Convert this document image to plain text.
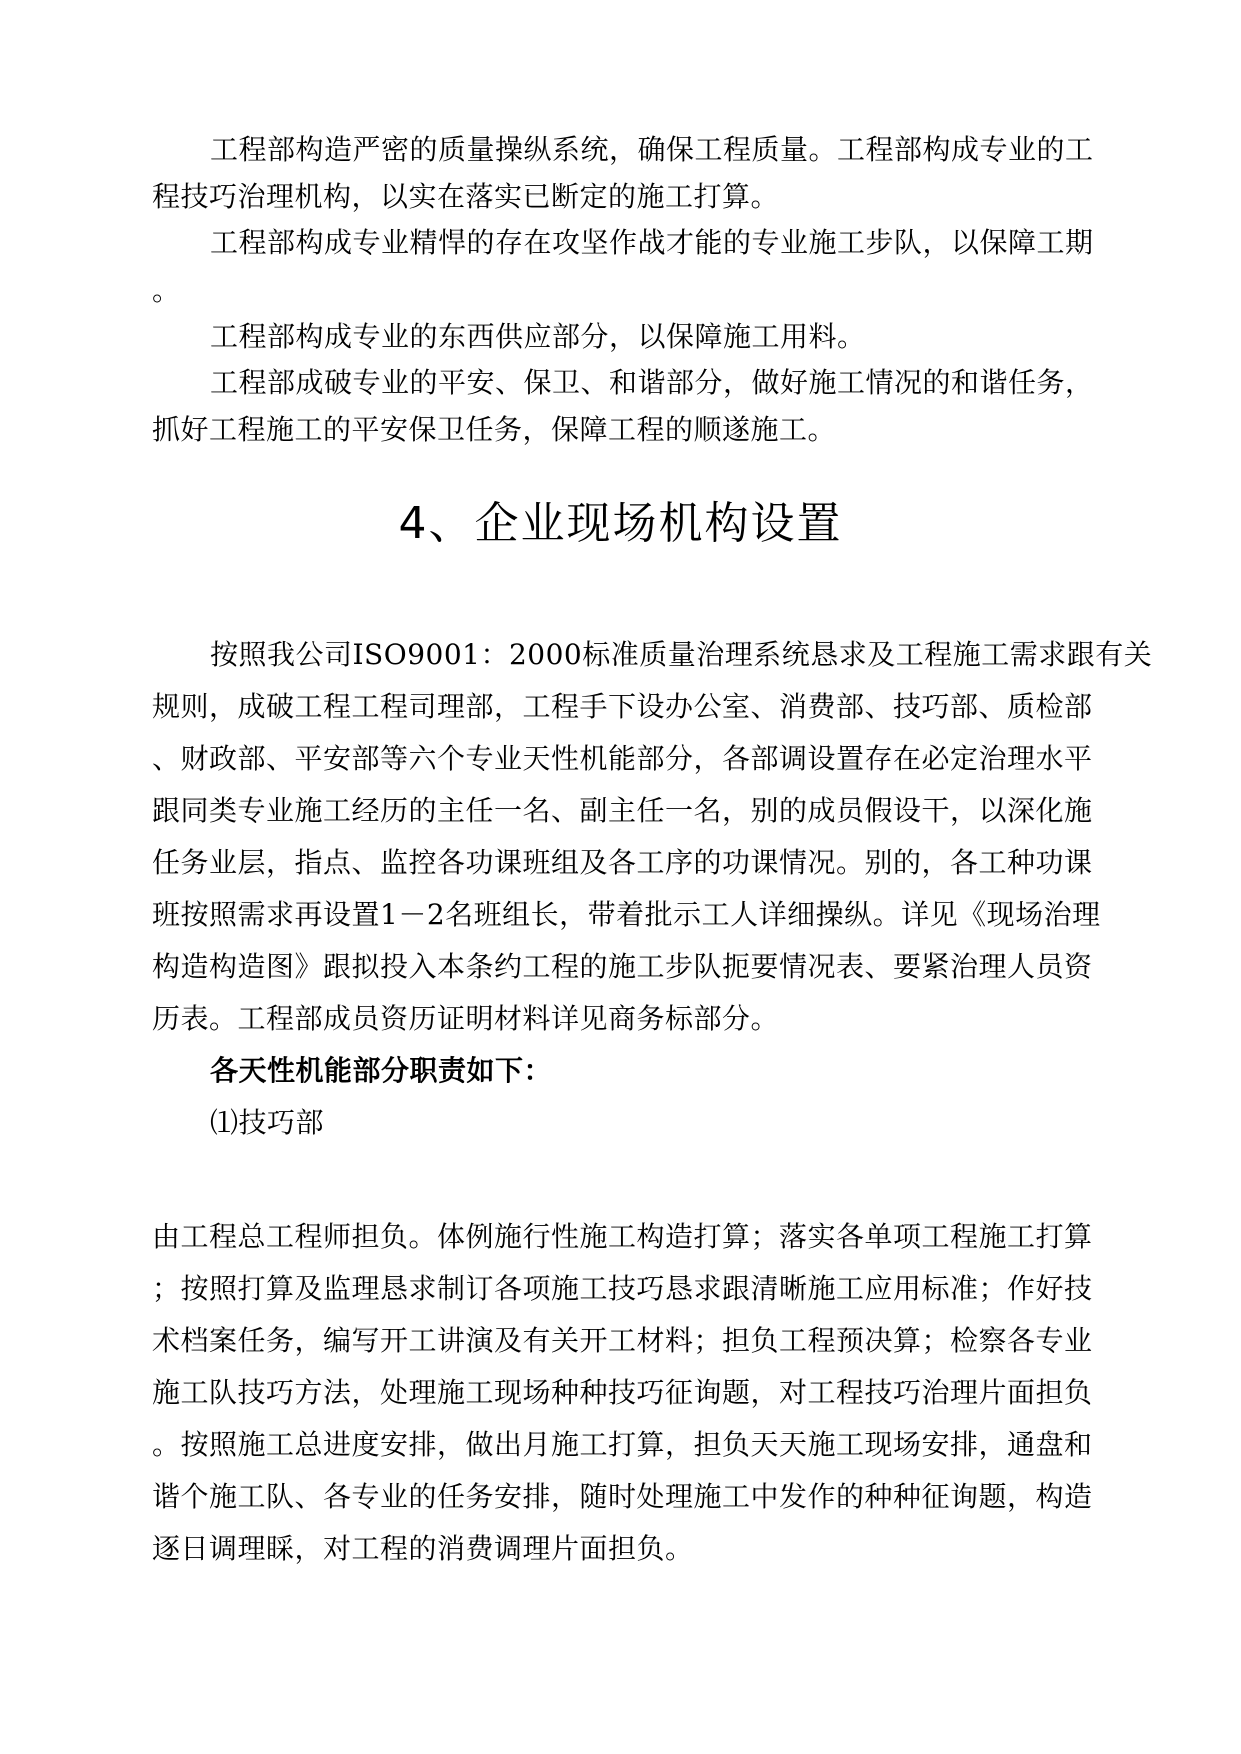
工程部构造严密的质量操纵系统，确保工程质量。工程部构成专业的工
程技巧治理机构，以实在落实已断定的施工打算。
工程部构成专业精悍的存在攻坚作战才能的专业施工步队，以保障工期
。
工程部构成专业的东西供应部分，以保障施工用料。
工程部成破专业的平安、保卫、和谐部分，做好施工情况的和谐任务，
抓好工程施工的平安保卫任务，保障工程的顺遂施工。
4、企业现场机构设置
按照我公司ISO9001：2000标准质量治理系统恳求及工程施工需求跟有关
规则，成破工程工程司理部，工程手下设办公室、消费部、技巧部、质检部
、财政部、平安部等六个专业天性机能部分，各部调设置存在必定治理水平
跟同类专业施工经历的主任一名、副主任一名，别的成员假设干，以深化施
任务业层，指点、监控各功课班组及各工序的功课情况。别的，各工种功课
班按照需求再设置1－2名班组长，带着批示工人详细操纵。详见《现场治理
构造构造图》跟拟投入本条约工程的施工步队扼要情况表、要紧治理人员资
历表。工程部成员资历证明材料详见商务标部分。
各天性机能部分职责如下：
⑴技巧部
由工程总工程师担负。体例施行性施工构造打算；落实各单项工程施工打算
；按照打算及监理恳求制订各项施工技巧恳求跟清晰施工应用标准；作好技
术档案任务，编写开工讲演及有关开工材料；担负工程预决算；检察各专业
施工队技巧方法，处理施工现场种种技巧征询题，对工程技巧治理片面担负
。按照施工总进度安排，做出月施工打算，担负天天施工现场安排，通盘和
谐个施工队、各专业的任务安排，随时处理施工中发作的种种征询题，构造
逐日调理睬，对工程的消费调理片面担负。
